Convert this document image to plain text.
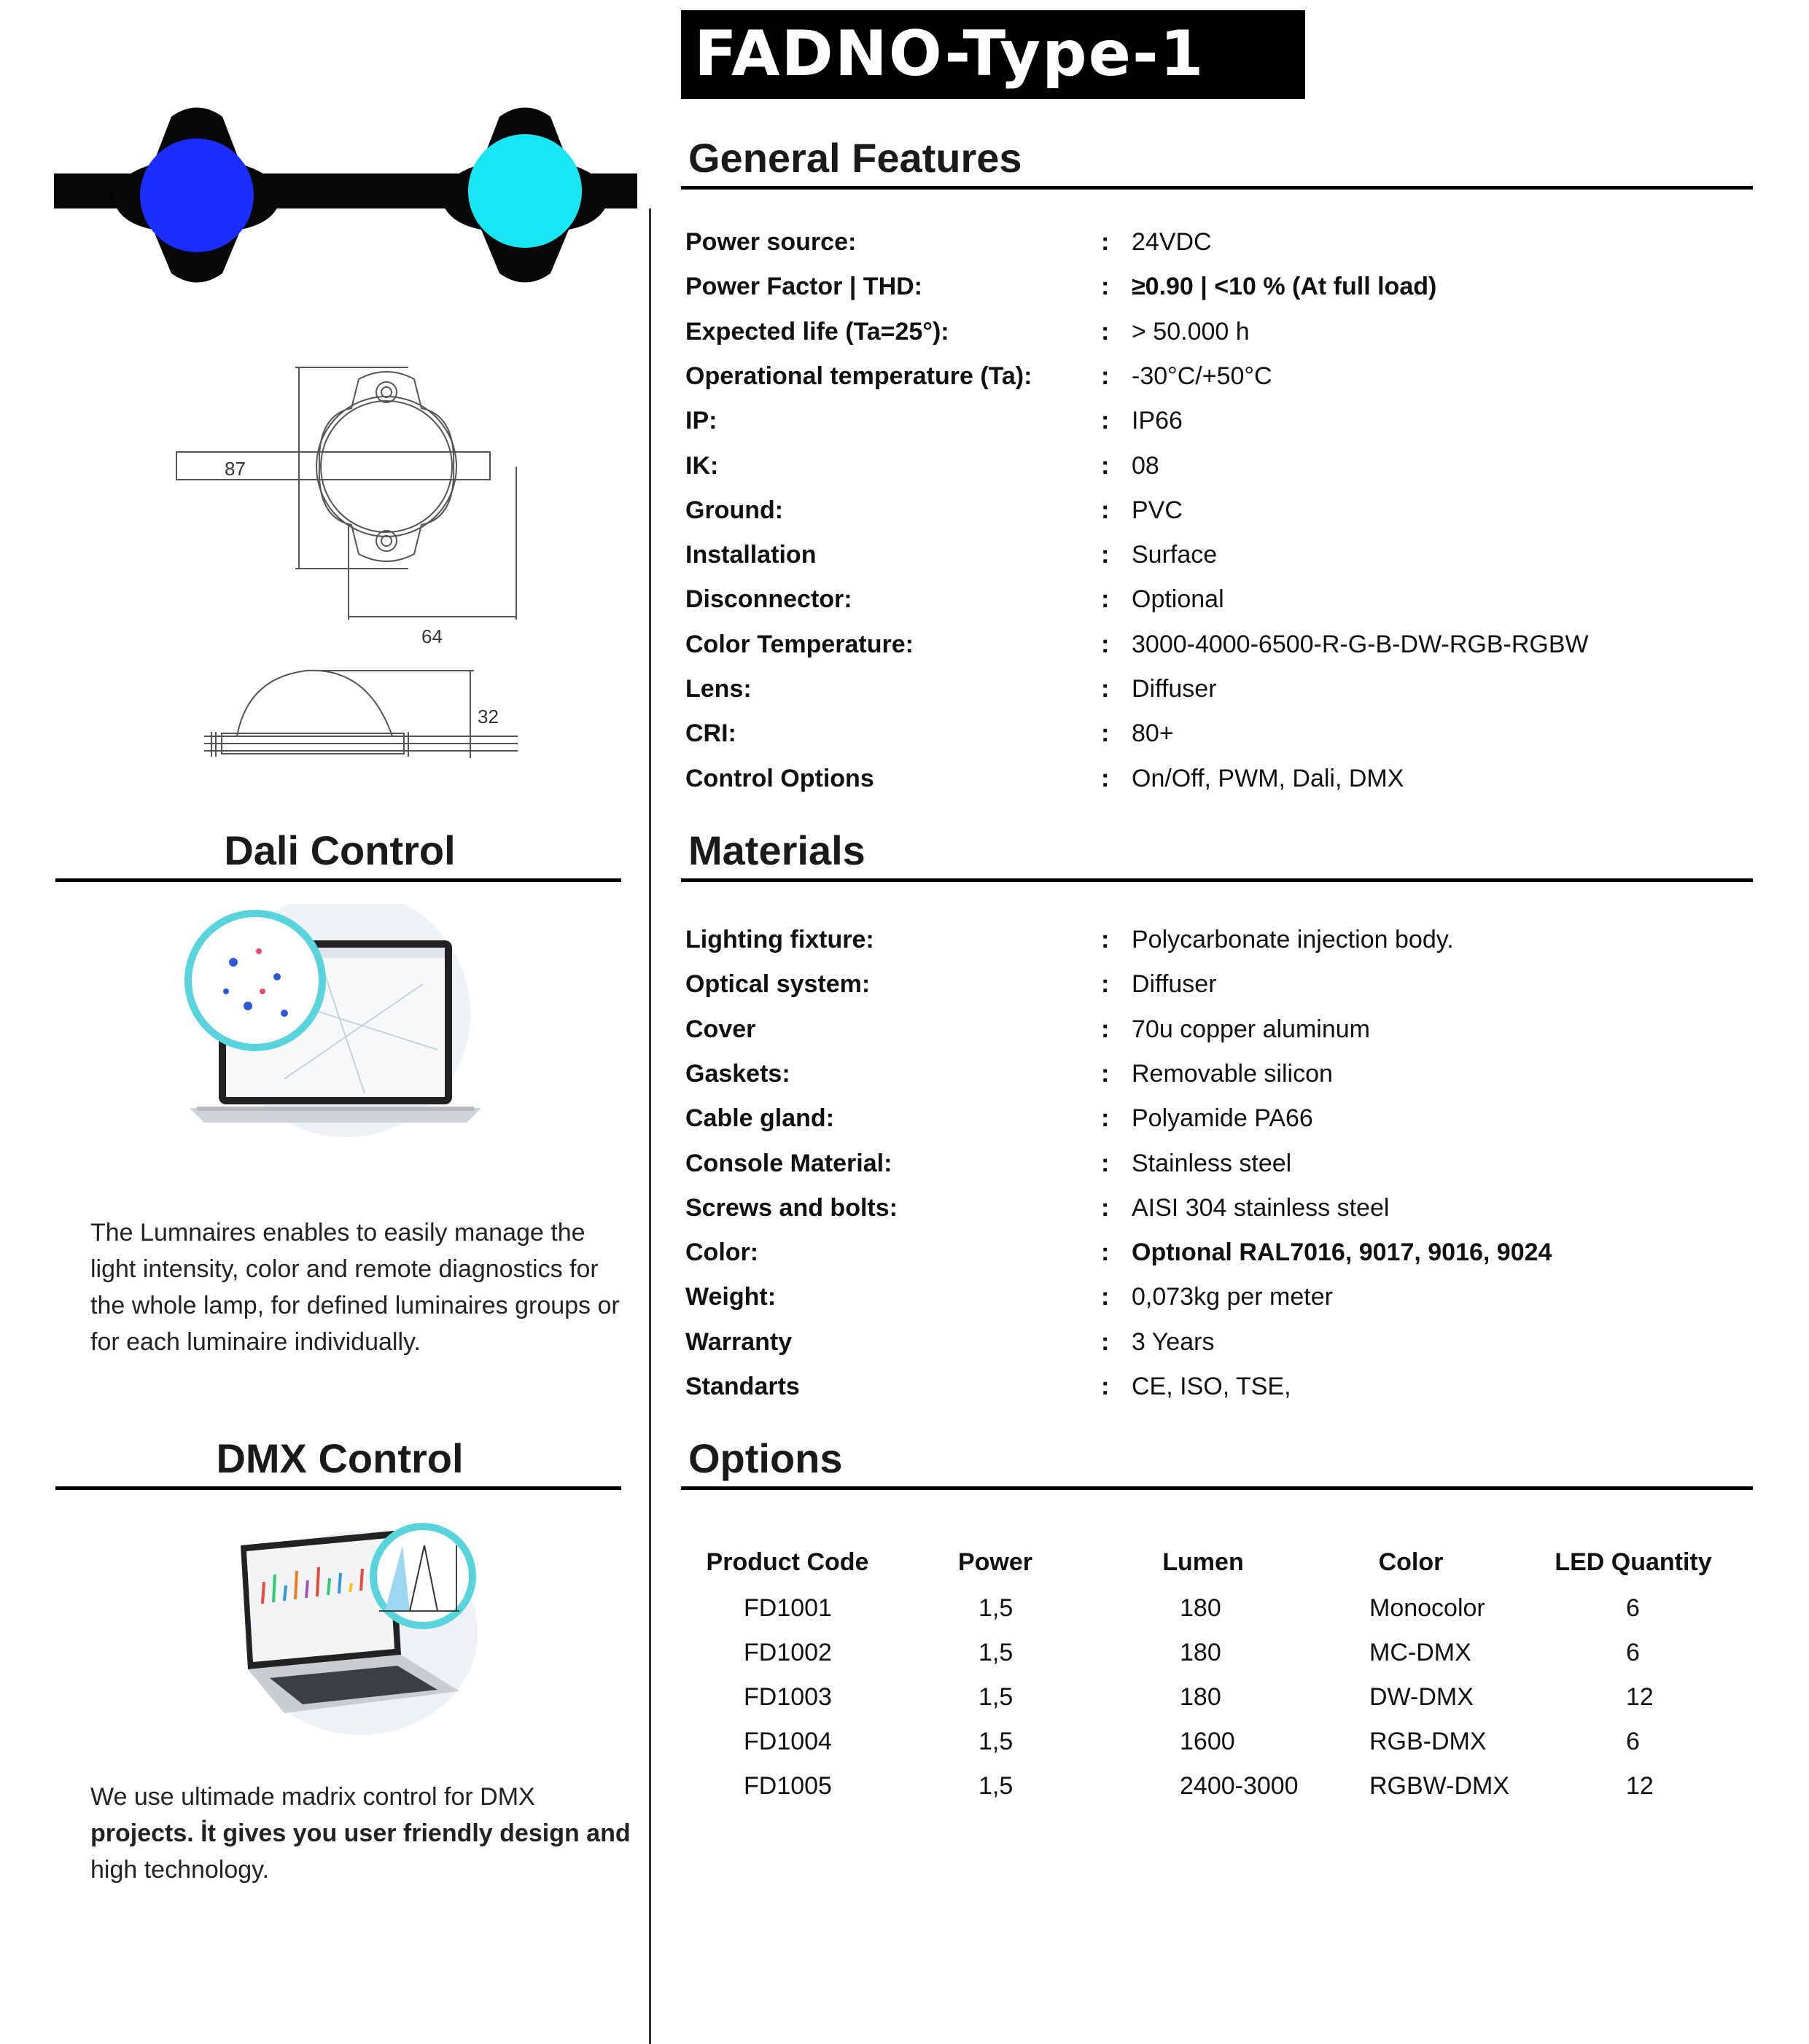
FADNO-Type-1
87
64
32
Dali Control
The Lumnaires enables to easily manage the light intensity, color and remote diagnostics for the whole lamp, for defined luminaires groups or for each luminaire individually.
DMX Control
We use ultimade madrix control for DMX
projects. İt gives you user friendly design and
high technology.
General Features
Power source:	: 24VDC
Power Factor | THD:	: ≥0.90 | <10 % (At full load)
Expected life (Ta=25°):	: > 50.000 h
Operational temperature (Ta):	: -30°C/+50°C
IP:	: IP66
IK:	: 08
Ground:	: PVC
Installation	: Surface
Disconnector:	: Optional
Color Temperature:	: 3000-4000-6500-R-G-B-DW-RGB-RGBW
Lens:	: Diffuser
CRI:	: 80+
Control Options	: On/Off, PWM, Dali, DMX
Materials
Lighting fixture:	: Polycarbonate injection body.
Optical system:	: Diffuser
Cover	: 70u copper aluminum
Gaskets:	: Removable silicon
Cable gland:	: Polyamide PA66
Console Material:	: Stainless steel
Screws and bolts:	: AISI 304 stainless steel
Color:	: Optıonal RAL7016, 9017, 9016, 9024
Weight:	: 0,073kg per meter
Warranty	: 3 Years
Standarts	: CE, ISO, TSE,
Options
Product Code	Power	Lumen	Color	LED Quantity
FD1001	1,5	180	Monocolor	6
FD1002	1,5	180	MC-DMX	6
FD1003	1,5	180	DW-DMX	12
FD1004	1,5	1600	RGB-DMX	6
FD1005	1,5	2400-3000	RGBW-DMX	12
